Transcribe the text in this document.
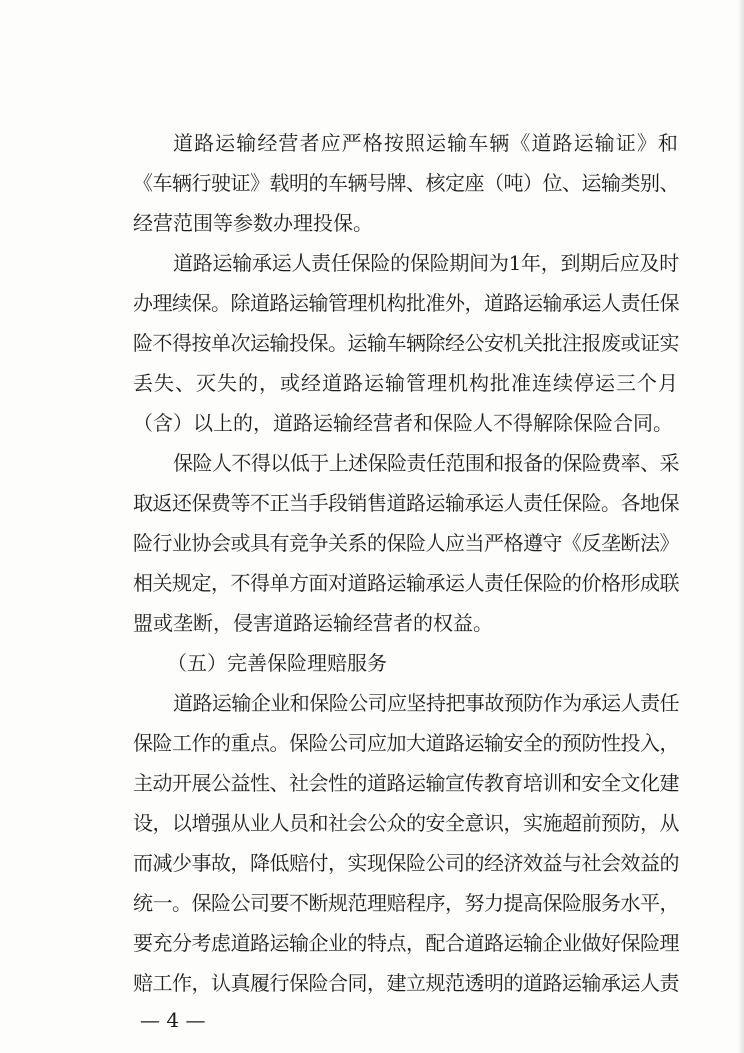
道路运输经营者应严格按照运输车辆《道路运输证》和
《车辆行驶证》载明的车辆号牌、核定座（吨）位、运输类别、
经营范围等参数办理投保。
道路运输承运人责任保险的保险期间为1年，到期后应及时
办理续保。除道路运输管理机构批准外，道路运输承运人责任保
险不得按单次运输投保。运输车辆除经公安机关批注报废或证实
丢失、灭失的，或经道路运输管理机构批准连续停运三个月
（含）以上的，道路运输经营者和保险人不得解除保险合同。
保险人不得以低于上述保险责任范围和报备的保险费率、采
取返还保费等不正当手段销售道路运输承运人责任保险。各地保
险行业协会或具有竞争关系的保险人应当严格遵守《反垄断法》
相关规定，不得单方面对道路运输承运人责任保险的价格形成联
盟或垄断，侵害道路运输经营者的权益。
（五）完善保险理赔服务
道路运输企业和保险公司应坚持把事故预防作为承运人责任
保险工作的重点。保险公司应加大道路运输安全的预防性投入，
主动开展公益性、社会性的道路运输宣传教育培训和安全文化建
设，以增强从业人员和社会公众的安全意识，实施超前预防，从
而减少事故，降低赔付，实现保险公司的经济效益与社会效益的
统一。保险公司要不断规范理赔程序，努力提高保险服务水平，
要充分考虑道路运输企业的特点，配合道路运输企业做好保险理
赔工作，认真履行保险合同，建立规范透明的道路运输承运人责
— 4 —
